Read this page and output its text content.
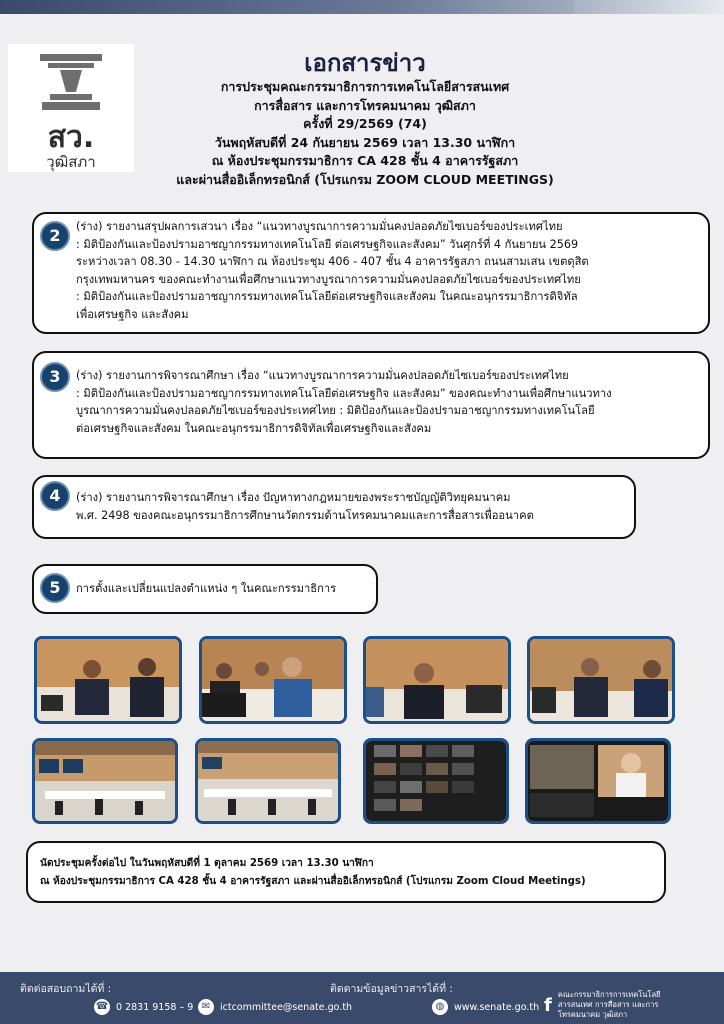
สว.
วุฒิสภา
เอกสารข่าว
การประชุมคณะกรรมาธิการการเทคโนโลยีสารสนเทศ
การสื่อสาร และการโทรคมนาคม วุฒิสภา
ครั้งที่ 29/2569 (74)
วันพฤหัสบดีที่ 24 กันยายน 2569 เวลา 13.30 นาฬิกา
ณ ห้องประชุมกรรมาธิการ CA 428 ชั้น 4 อาคารรัฐสภา
และผ่านสื่ออิเล็กทรอนิกส์ (โปรแกรม ZOOM CLOUD MEETINGS)
2	(ร่าง) รายงานสรุปผลการเสวนา เรื่อง “แนวทางบูรณาการความมั่นคงปลอดภัยไซเบอร์ของประเทศไทย
: มิติป้องกันและป้องปรามอาชญากรรมทางเทคโนโลยี ต่อเศรษฐกิจและสังคม” วันศุกร์ที่ 4 กันยายน 2569
ระหว่างเวลา 08.30 - 14.30 นาฬิกา ณ ห้องประชุม 406 - 407 ชั้น 4 อาคารรัฐสภา ถนนสามเสน เขตดุสิต
กรุงเทพมหานคร ของคณะทำงานเพื่อศึกษาแนวทางบูรณาการความมั่นคงปลอดภัยไซเบอร์ของประเทศไทย
: มิติป้องกันและป้องปรามอาชญากรรมทางเทคโนโลยีต่อเศรษฐกิจและสังคม ในคณะอนุกรรมาธิการดิจิทัล
เพื่อเศรษฐกิจ และสังคม
3	(ร่าง) รายงานการพิจารณาศึกษา เรื่อง “แนวทางบูรณาการความมั่นคงปลอดภัยไซเบอร์ของประเทศไทย
: มิติป้องกันและป้องปรามอาชญากรรมทางเทคโนโลยีต่อเศรษฐกิจ และสังคม” ของคณะทำงานเพื่อศึกษาแนวทาง
บูรณาการความมั่นคงปลอดภัยไซเบอร์ของประเทศไทย : มิติป้องกันและป้องปรามอาชญากรรมทางเทคโนโลยี
ต่อเศรษฐกิจและสังคม ในคณะอนุกรรมาธิการดิจิทัลเพื่อเศรษฐกิจและสังคม
4	(ร่าง) รายงานการพิจารณาศึกษา เรื่อง ปัญหาทางกฎหมายของพระราชบัญญัติวิทยุคมนาคม
พ.ศ. 2498 ของคณะอนุกรรมาธิการศึกษานวัตกรรมด้านโทรคมนาคมและการสื่อสารเพื่ออนาคต
5	การตั้งและเปลี่ยนแปลงตำแหน่ง ๆ ในคณะกรรมาธิการ
นัดประชุมครั้งต่อไป ในวันพฤหัสบดีที่ 1 ตุลาคม 2569 เวลา 13.30 นาฬิกา
ณ ห้องประชุมกรรมาธิการ CA 428 ชั้น 4 อาคารรัฐสภา และผ่านสื่ออิเล็กทรอนิกส์ (โปรแกรม Zoom Cloud Meetings)
ติดต่อสอบถามได้ที่ :	ติดตามข้อมูลข่าวสารได้ที่ :
☎ 0 2831 9158 – 9 ✉	ictcommittee@senate.go.th	◍	www.senate.go.th f คณะกรรมาธิการการเทคโนโลยีสารสนเทศ การสื่อสาร และการโทรคมนาคม วุฒิสภา
